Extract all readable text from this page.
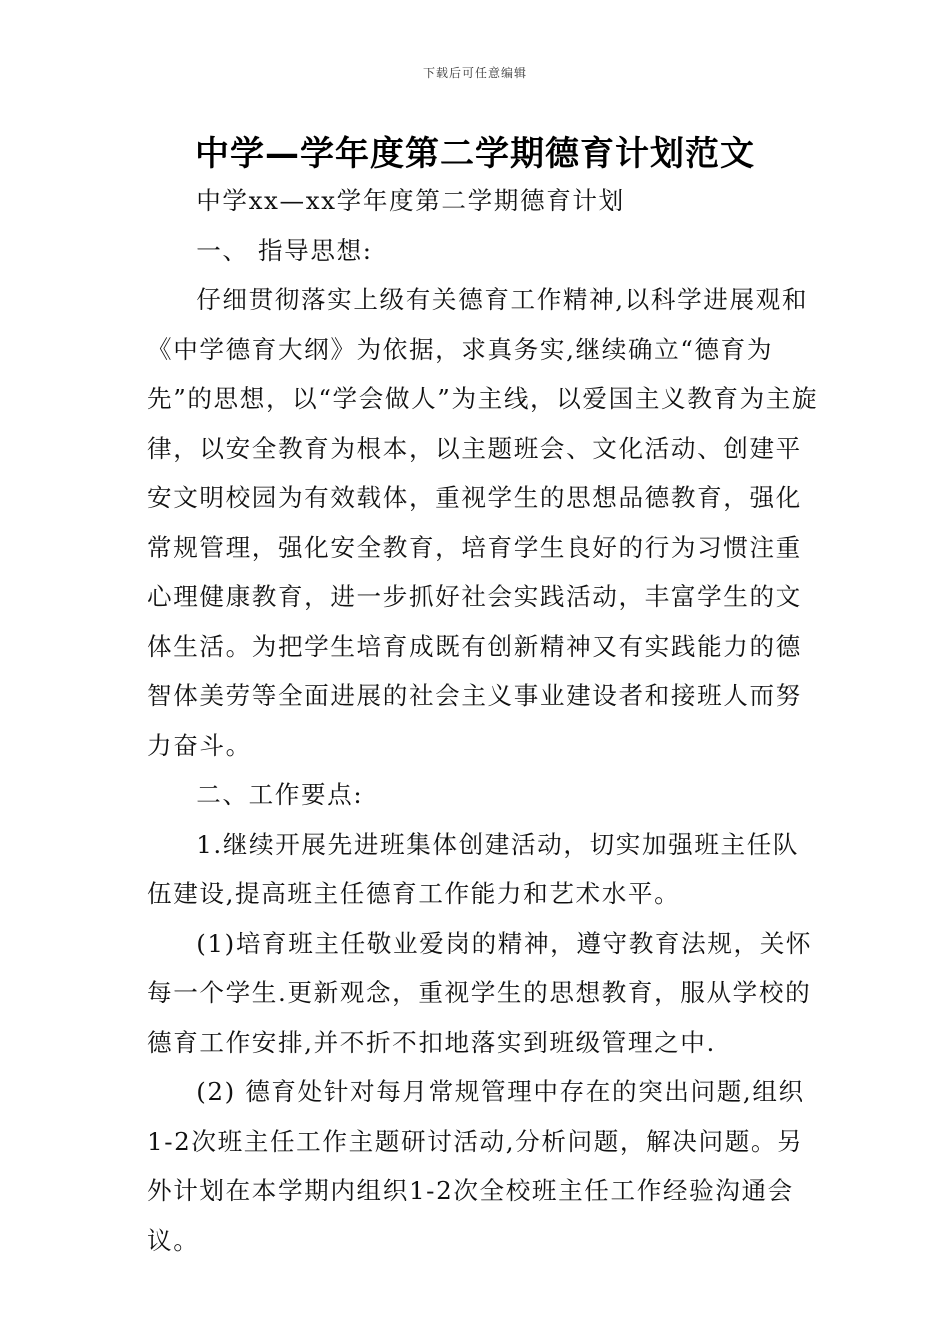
下载后可任意编辑
中学—学年度第二学期德育计划范文

中学xx—xx学年度第二学期德育计划

一、 指导思想:

仔细贯彻落实上级有关德育工作精神,以科学进展观和《中学德育大纲》为依据，求真务实,继续确立“德育为先”的思想，以“学会做人”为主线，以爱国主义教育为主旋律，以安全教育为根本，以主题班会、文化活动、创建平安文明校园为有效载体，重视学生的思想品德教育，强化常规管理，强化安全教育，培育学生良好的行为习惯注重心理健康教育，进一步抓好社会实践活动，丰富学生的文体生活。为把学生培育成既有创新精神又有实践能力的德智体美劳等全面进展的社会主义事业建设者和接班人而努力奋斗。

二、工作要点:

1.继续开展先进班集体创建活动，切实加强班主任队伍建设,提高班主任德育工作能力和艺术水平。

(1)培育班主任敬业爱岗的精神，遵守教育法规，关怀每一个学生.更新观念，重视学生的思想教育，服从学校的德育工作安排,并不折不扣地落实到班级管理之中.

(2) 德育处针对每月常规管理中存在的突出问题,组织1-2次班主任工作主题研讨活动,分析问题，解决问题。另外计划在本学期内组织1-2次全校班主任工作经验沟通会议。
